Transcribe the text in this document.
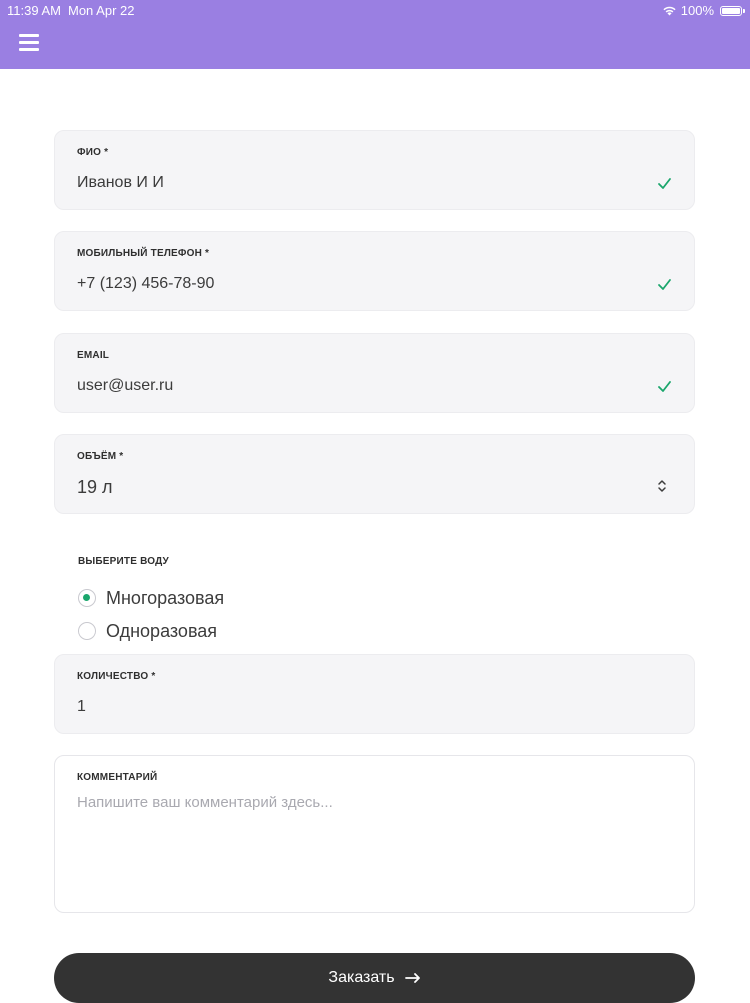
11:39 AM Mon Apr 22	100%
ФИО *
Иванов И И
МОБИЛЬНЫЙ ТЕЛЕФОН *
+7 (123) 456-78-90
EMAIL
user@user.ru
ОБЪЁМ *
19 л
ВЫБЕРИТЕ ВОДУ
Многоразовая
Одноразовая
КОЛИЧЕСТВО *
1
КОММЕНТАРИЙ
Напишите ваш комментарий здесь...
Заказать
